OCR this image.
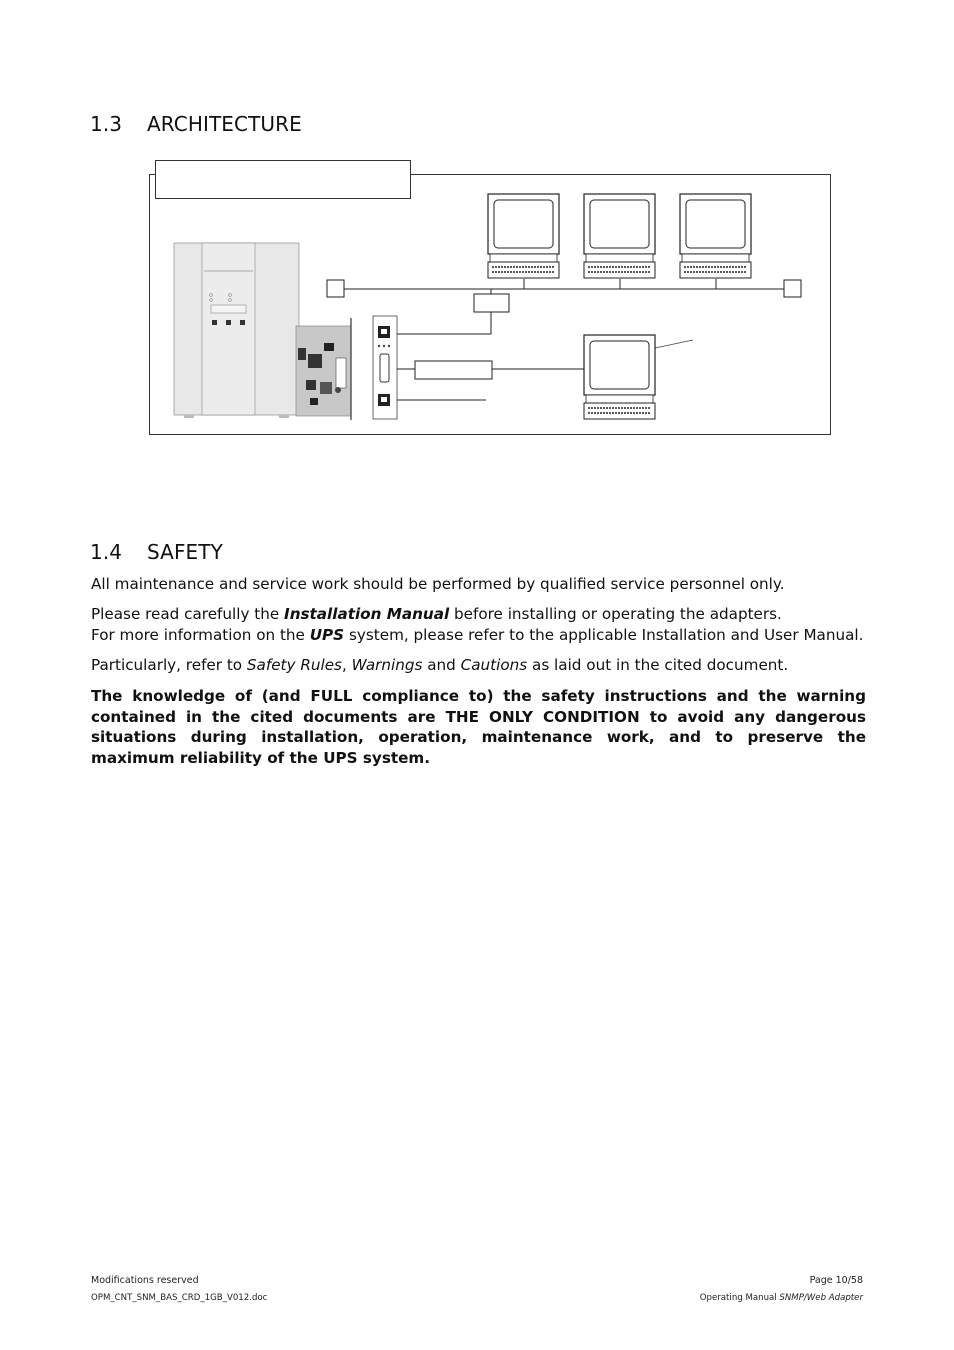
1.3 ARCHITECTURE
1.4 SAFETY

All maintenance and service work should be performed by qualified service personnel only.

Please read carefully the Installation Manual before installing or operating the adapters.
For more information on the UPS system, please refer to the applicable Installation and User Manual.

Particularly, refer to Safety Rules, Warnings and Cautions as laid out in the cited document.

The knowledge of (and FULL compliance to) the safety instructions and the warning contained in the cited documents are THE ONLY CONDITION to avoid any dangerous situations during installation, operation, maintenance work, and to preserve the maximum reliability of the UPS system.

Modifications reserved
OPM_CNT_SNM_BAS_CRD_1GB_V012.doc
Page 10/58
Operating Manual SNMP/Web Adapter
